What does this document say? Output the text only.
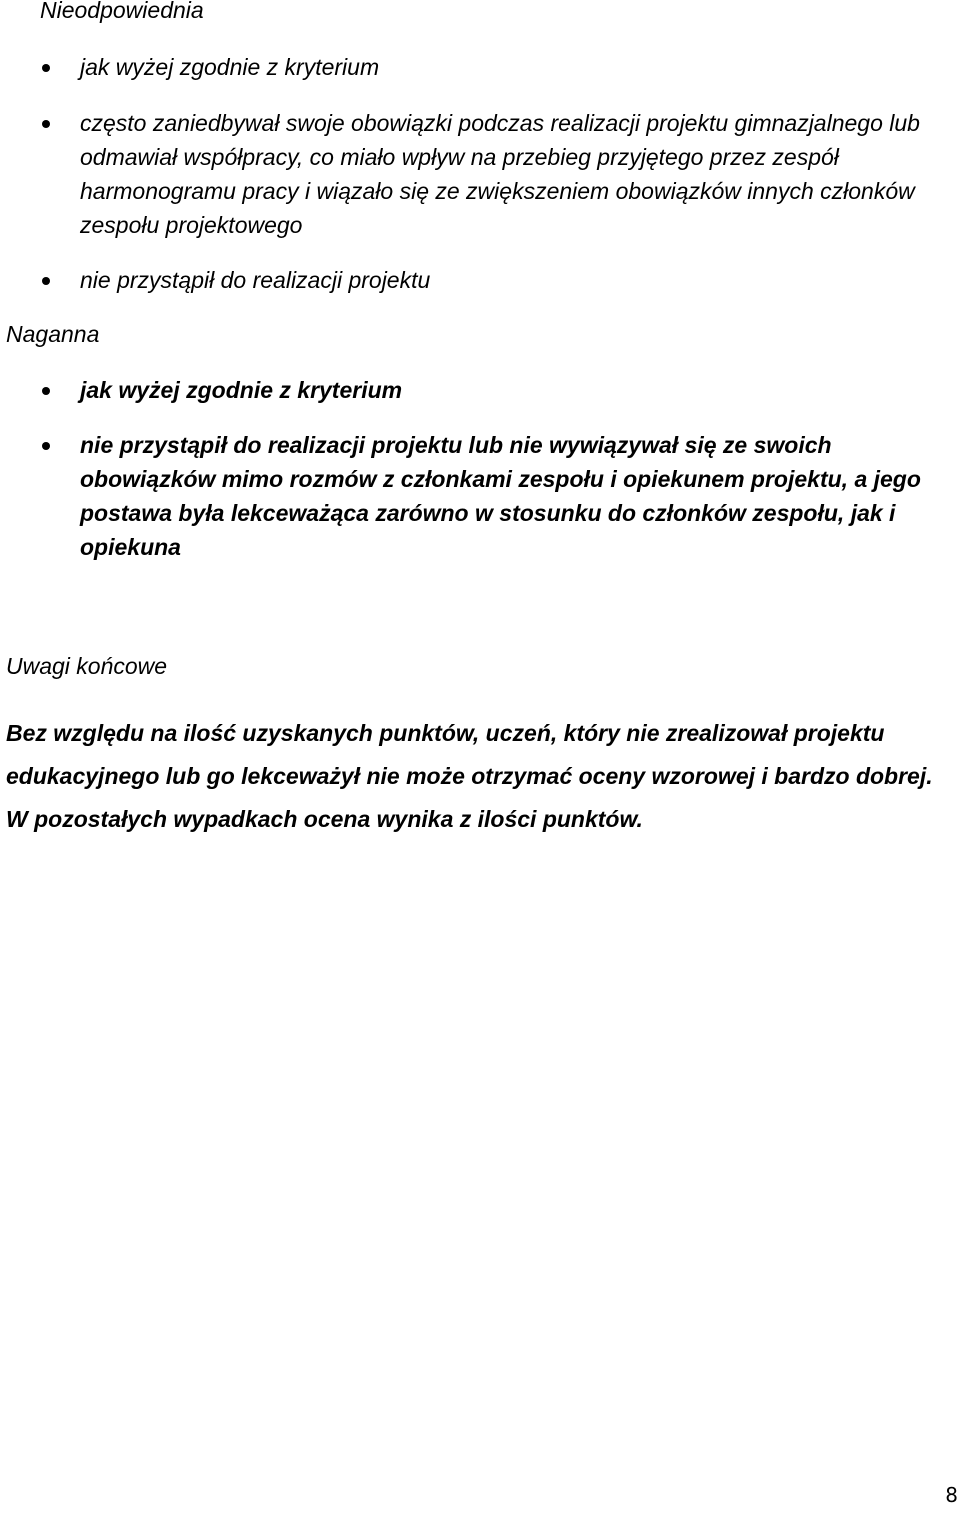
Nieodpowiednia
jak wyżej zgodnie z kryterium
często zaniedbywał swoje obowiązki podczas realizacji projektu gimnazjalnego lub odmawiał współpracy, co miało wpływ na przebieg przyjętego przez zespół harmonogramu pracy i wiązało się ze zwiększeniem obowiązków innych członków zespołu projektowego
nie przystąpił do realizacji projektu
Naganna
jak wyżej zgodnie z kryterium
nie przystąpił do realizacji projektu lub nie wywiązywał się ze swoich obowiązków mimo rozmów z członkami zespołu i opiekunem projektu, a jego postawa była lekceważąca zarówno w stosunku do członków zespołu, jak i opiekuna
Uwagi końcowe

Bez względu na ilość uzyskanych punktów, uczeń, który nie zrealizował projektu edukacyjnego lub go lekceważył nie może otrzymać oceny wzorowej i bardzo dobrej. W pozostałych wypadkach ocena wynika z ilości punktów.

8
